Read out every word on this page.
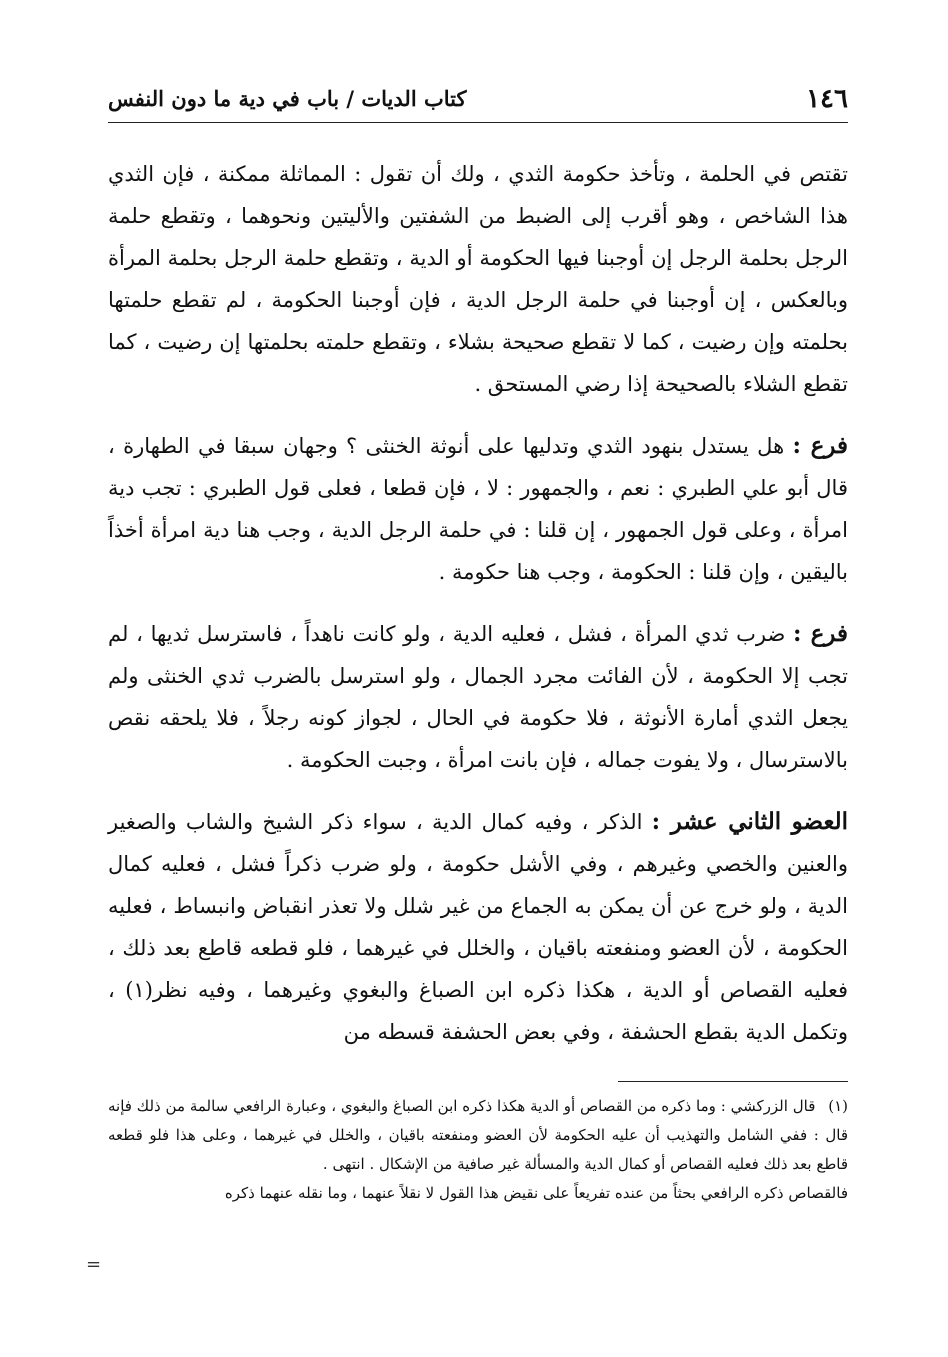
١٤٦
كتاب الديات / باب في دية ما دون النفس

تقتص في الحلمة ، وتأخذ حكومة الثدي ، ولك أن تقول : المماثلة ممكنة ، فإن الثدي هذا الشاخص ، وهو أقرب إلى الضبط من الشفتين والأليتين ونحوهما ، وتقطع حلمة الرجل بحلمة الرجل إن أوجبنا فيها الحكومة أو الدية ، وتقطع حلمة الرجل بحلمة المرأة وبالعكس ، إن أوجبنا في حلمة الرجل الدية ، فإن أوجبنا الحكومة ، لم تقطع حلمتها بحلمته وإن رضيت ، كما لا تقطع صحيحة بشلاء ، وتقطع حلمته بحلمتها إن رضيت ، كما تقطع الشلاء بالصحيحة إذا رضي المستحق .

فرع : هل يستدل بنهود الثدي وتدليها على أنوثة الخنثى ؟ وجهان سبقا في الطهارة ، قال أبو علي الطبري : نعم ، والجمهور : لا ، فإن قطعا ، فعلى قول الطبري : تجب دية امرأة ، وعلى قول الجمهور ، إن قلنا : في حلمة الرجل الدية ، وجب هنا دية امرأة أخذاً باليقين ، وإن قلنا : الحكومة ، وجب هنا حكومة .

فرع : ضرب ثدي المرأة ، فشل ، فعليه الدية ، ولو كانت ناهداً ، فاسترسل ثديها ، لم تجب إلا الحكومة ، لأن الفائت مجرد الجمال ، ولو استرسل بالضرب ثدي الخنثى ولم يجعل الثدي أمارة الأنوثة ، فلا حكومة في الحال ، لجواز كونه رجلاً ، فلا يلحقه نقص بالاسترسال ، ولا يفوت جماله ، فإن بانت امرأة ، وجبت الحكومة .

العضو الثاني عشر : الذكر ، وفيه كمال الدية ، سواء ذكر الشيخ والشاب والصغير والعنين والخصي وغيرهم ، وفي الأشل حكومة ، ولو ضرب ذكراً فشل ، فعليه كمال الدية ، ولو خرج عن أن يمكن به الجماع من غير شلل ولا تعذر انقباض وانبساط ، فعليه الحكومة ، لأن العضو ومنفعته باقيان ، والخلل في غيرهما ، فلو قطعه قاطع بعد ذلك ، فعليه القصاص أو الدية ، هكذا ذكره ابن الصباغ والبغوي وغيرهما ، وفيه نظر(١) ، وتكمل الدية بقطع الحشفة ، وفي بعض الحشفة قسطه من

(١) قال الزركشي : وما ذكره من القصاص أو الدية هكذا ذكره ابن الصباغ والبغوي ، وعبارة الرافعي سالمة من ذلك فإنه قال : ففي الشامل والتهذيب أن عليه الحكومة لأن العضو ومنفعته باقيان ، والخلل في غيرهما ، وعلى هذا فلو قطعه قاطع بعد ذلك فعليه القصاص أو كمال الدية والمسألة غير صافية من الإشكال . انتهى .

فالقصاص ذكره الرافعي بحثاً من عنده تفريعاً على نقيض هذا القول لا نقلاً عنهما ، وما نقله عنهما ذكره

=
